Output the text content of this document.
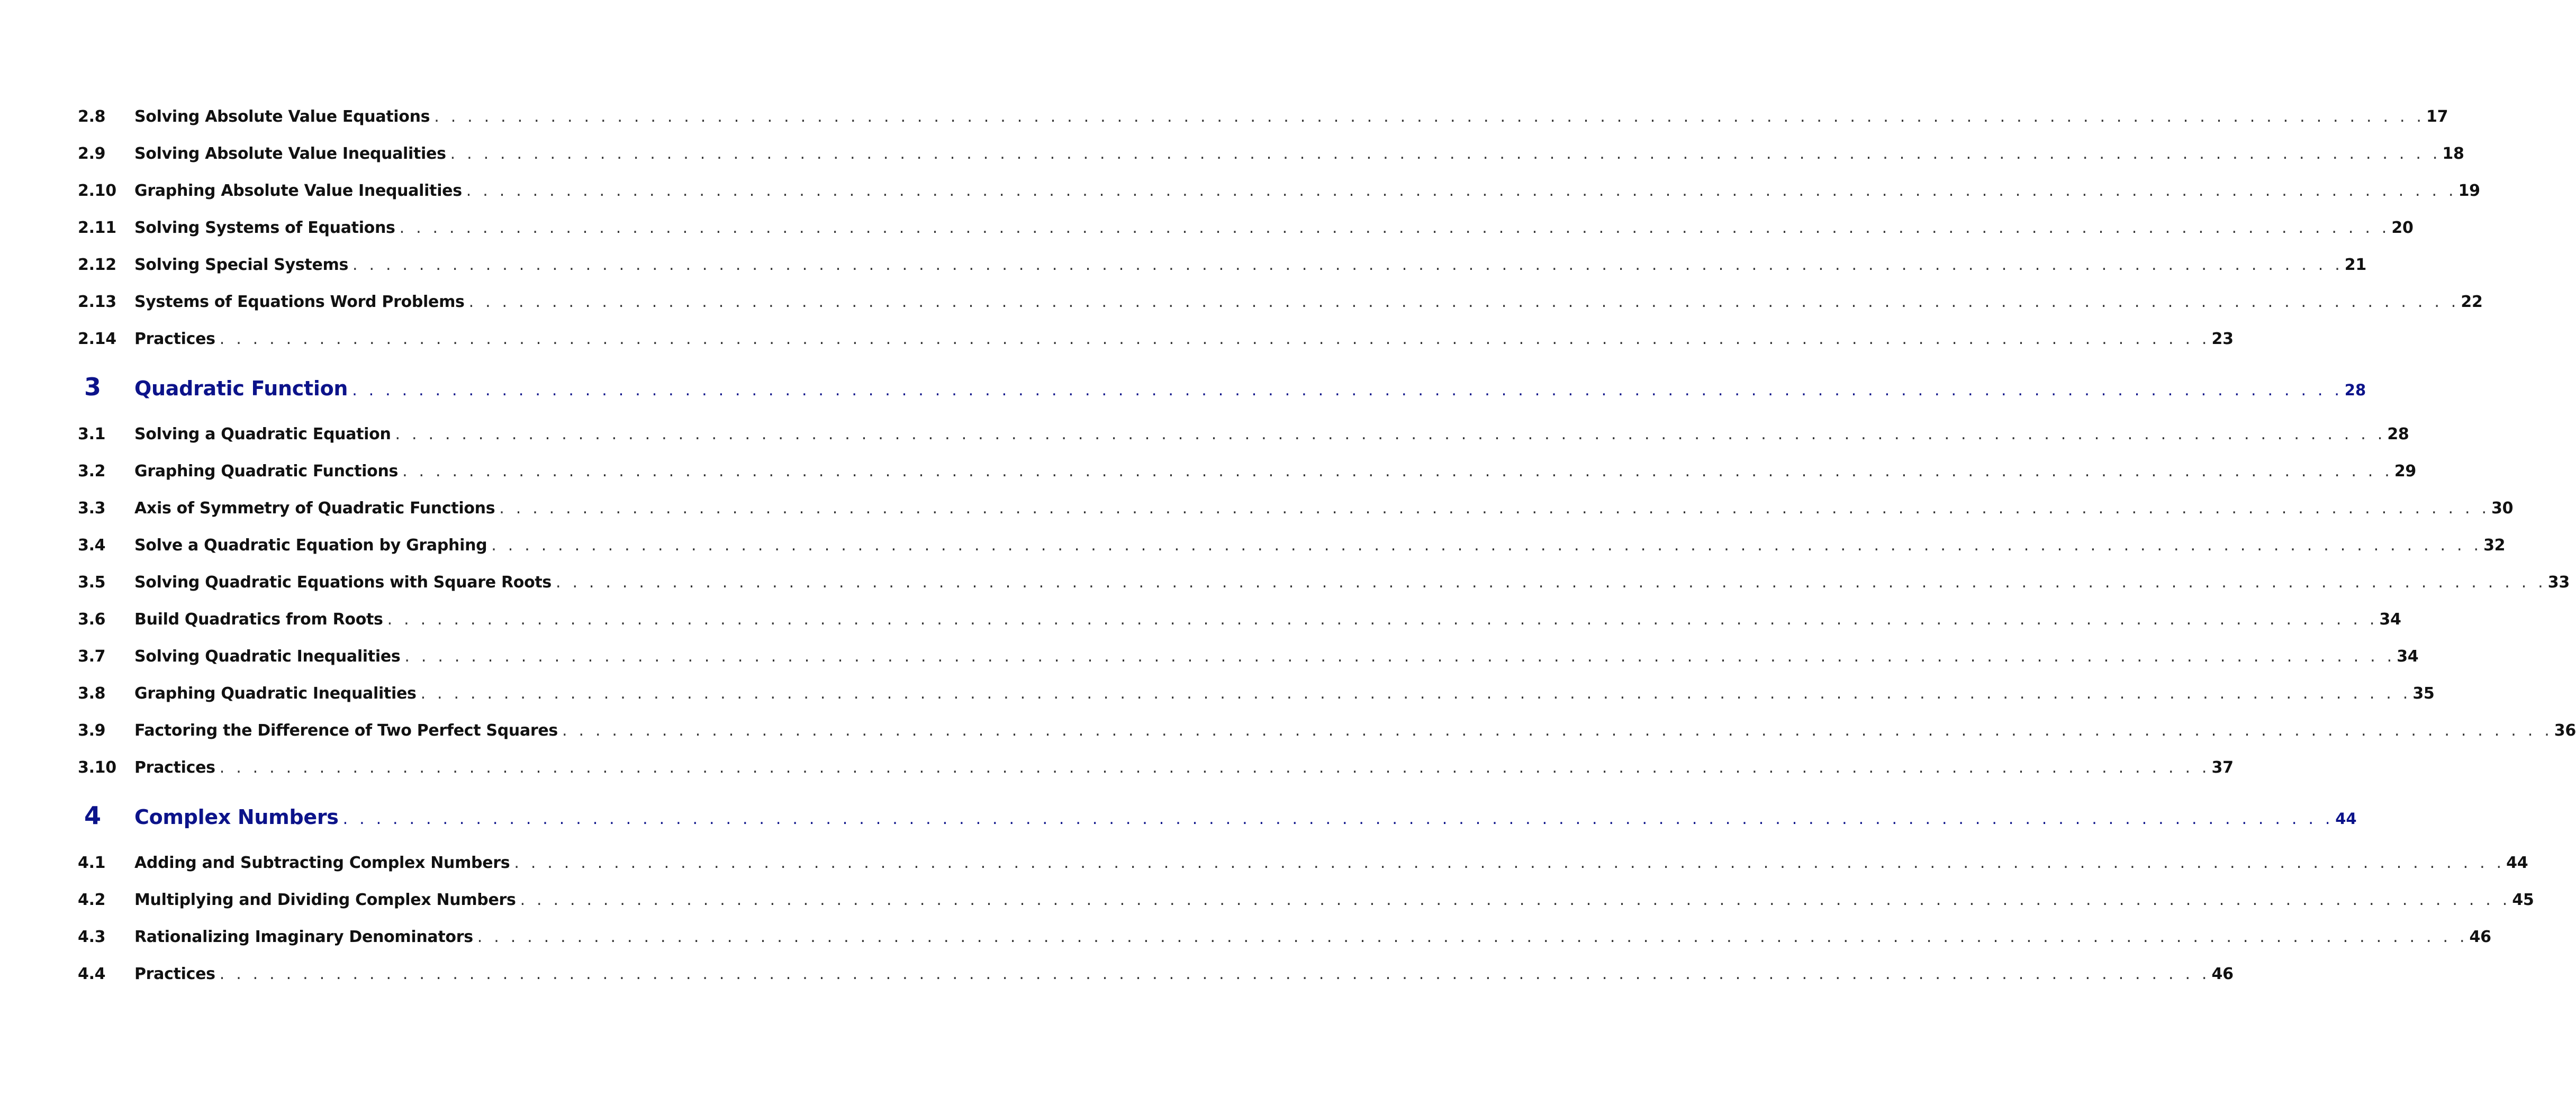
2.8	Solving Absolute Value Equations . . . . . . . . . . . . . . . . . . . . . . . . . . . . . . . . . . . . . . . . . . . . . . . . . . . . . . . . . . . . . . . . . . . . . . . . . . . . . . . . . . . . . . . . . . . . . . . . . . . . . . . . . . . . . . . . . . . . . . . . 17
2.9	Solving Absolute Value Inequalities . . . . . . . . . . . . . . . . . . . . . . . . . . . . . . . . . . . . . . . . . . . . . . . . . . . . . . . . . . . . . . . . . . . . . . . . . . . . . . . . . . . . . . . . . . . . . . . . . . . . . . . . . . . . . . . . . . . . . . . . 18
2.10	Graphing Absolute Value Inequalities . . . . . . . . . . . . . . . . . . . . . . . . . . . . . . . . . . . . . . . . . . . . . . . . . . . . . . . . . . . . . . . . . . . . . . . . . . . . . . . . . . . . . . . . . . . . . . . . . . . . . . . . . . . . . . . . . . . . . . . . 19
2.11	Solving Systems of Equations . . . . . . . . . . . . . . . . . . . . . . . . . . . . . . . . . . . . . . . . . . . . . . . . . . . . . . . . . . . . . . . . . . . . . . . . . . . . . . . . . . . . . . . . . . . . . . . . . . . . . . . . . . . . . . . . . . . . . . . . 20
2.12	Solving Special Systems . . . . . . . . . . . . . . . . . . . . . . . . . . . . . . . . . . . . . . . . . . . . . . . . . . . . . . . . . . . . . . . . . . . . . . . . . . . . . . . . . . . . . . . . . . . . . . . . . . . . . . . . . . . . . . . . . . . . . . . . 21
2.13	Systems of Equations Word Problems . . . . . . . . . . . . . . . . . . . . . . . . . . . . . . . . . . . . . . . . . . . . . . . . . . . . . . . . . . . . . . . . . . . . . . . . . . . . . . . . . . . . . . . . . . . . . . . . . . . . . . . . . . . . . . . . . . . . . . . . 22
2.14	Practices . . . . . . . . . . . . . . . . . . . . . . . . . . . . . . . . . . . . . . . . . . . . . . . . . . . . . . . . . . . . . . . . . . . . . . . . . . . . . . . . . . . . . . . . . . . . . . . . . . . . . . . . . . . . . . . . . . . . . . . . 23
3	Quadratic Function . . . . . . . . . . . . . . . . . . . . . . . . . . . . . . . . . . . . . . . . . . . . . . . . . . . . . . . . . . . . . . . . . . . . . . . . . . . . . . . . . . . . . . . . . . . . . . . . . . . . . . . . . . . . . . . . . . . . . . . . 28
3.1	Solving a Quadratic Equation . . . . . . . . . . . . . . . . . . . . . . . . . . . . . . . . . . . . . . . . . . . . . . . . . . . . . . . . . . . . . . . . . . . . . . . . . . . . . . . . . . . . . . . . . . . . . . . . . . . . . . . . . . . . . . . . . . . . . . . . 28
3.2	Graphing Quadratic Functions . . . . . . . . . . . . . . . . . . . . . . . . . . . . . . . . . . . . . . . . . . . . . . . . . . . . . . . . . . . . . . . . . . . . . . . . . . . . . . . . . . . . . . . . . . . . . . . . . . . . . . . . . . . . . . . . . . . . . . . . 29
3.3	Axis of Symmetry of Quadratic Functions . . . . . . . . . . . . . . . . . . . . . . . . . . . . . . . . . . . . . . . . . . . . . . . . . . . . . . . . . . . . . . . . . . . . . . . . . . . . . . . . . . . . . . . . . . . . . . . . . . . . . . . . . . . . . . . . . . . . . . . . 30
3.4	Solve a Quadratic Equation by Graphing . . . . . . . . . . . . . . . . . . . . . . . . . . . . . . . . . . . . . . . . . . . . . . . . . . . . . . . . . . . . . . . . . . . . . . . . . . . . . . . . . . . . . . . . . . . . . . . . . . . . . . . . . . . . . . . . . . . . . . . . 32
3.5	Solving Quadratic Equations with Square Roots . . . . . . . . . . . . . . . . . . . . . . . . . . . . . . . . . . . . . . . . . . . . . . . . . . . . . . . . . . . . . . . . . . . . . . . . . . . . . . . . . . . . . . . . . . . . . . . . . . . . . . . . . . . . . . . . . . . . . . . . 33
3.6	Build Quadratics from Roots . . . . . . . . . . . . . . . . . . . . . . . . . . . . . . . . . . . . . . . . . . . . . . . . . . . . . . . . . . . . . . . . . . . . . . . . . . . . . . . . . . . . . . . . . . . . . . . . . . . . . . . . . . . . . . . . . . . . . . . . 34
3.7	Solving Quadratic Inequalities . . . . . . . . . . . . . . . . . . . . . . . . . . . . . . . . . . . . . . . . . . . . . . . . . . . . . . . . . . . . . . . . . . . . . . . . . . . . . . . . . . . . . . . . . . . . . . . . . . . . . . . . . . . . . . . . . . . . . . . . 34
3.8	Graphing Quadratic Inequalities . . . . . . . . . . . . . . . . . . . . . . . . . . . . . . . . . . . . . . . . . . . . . . . . . . . . . . . . . . . . . . . . . . . . . . . . . . . . . . . . . . . . . . . . . . . . . . . . . . . . . . . . . . . . . . . . . . . . . . . . 35
3.9	Factoring the Difference of Two Perfect Squares . . . . . . . . . . . . . . . . . . . . . . . . . . . . . . . . . . . . . . . . . . . . . . . . . . . . . . . . . . . . . . . . . . . . . . . . . . . . . . . . . . . . . . . . . . . . . . . . . . . . . . . . . . . . . . . . . . . . . . . . 36
3.10	Practices . . . . . . . . . . . . . . . . . . . . . . . . . . . . . . . . . . . . . . . . . . . . . . . . . . . . . . . . . . . . . . . . . . . . . . . . . . . . . . . . . . . . . . . . . . . . . . . . . . . . . . . . . . . . . . . . . . . . . . . . 37
4	Complex Numbers . . . . . . . . . . . . . . . . . . . . . . . . . . . . . . . . . . . . . . . . . . . . . . . . . . . . . . . . . . . . . . . . . . . . . . . . . . . . . . . . . . . . . . . . . . . . . . . . . . . . . . . . . . . . . . . . . . . . . . . . 44
4.1	Adding and Subtracting Complex Numbers . . . . . . . . . . . . . . . . . . . . . . . . . . . . . . . . . . . . . . . . . . . . . . . . . . . . . . . . . . . . . . . . . . . . . . . . . . . . . . . . . . . . . . . . . . . . . . . . . . . . . . . . . . . . . . . . . . . . . . . . 44
4.2	Multiplying and Dividing Complex Numbers . . . . . . . . . . . . . . . . . . . . . . . . . . . . . . . . . . . . . . . . . . . . . . . . . . . . . . . . . . . . . . . . . . . . . . . . . . . . . . . . . . . . . . . . . . . . . . . . . . . . . . . . . . . . . . . . . . . . . . . . 45
4.3	Rationalizing Imaginary Denominators . . . . . . . . . . . . . . . . . . . . . . . . . . . . . . . . . . . . . . . . . . . . . . . . . . . . . . . . . . . . . . . . . . . . . . . . . . . . . . . . . . . . . . . . . . . . . . . . . . . . . . . . . . . . . . . . . . . . . . . . 46
4.4	Practices . . . . . . . . . . . . . . . . . . . . . . . . . . . . . . . . . . . . . . . . . . . . . . . . . . . . . . . . . . . . . . . . . . . . . . . . . . . . . . . . . . . . . . . . . . . . . . . . . . . . . . . . . . . . . . . . . . . . . . . . 46
